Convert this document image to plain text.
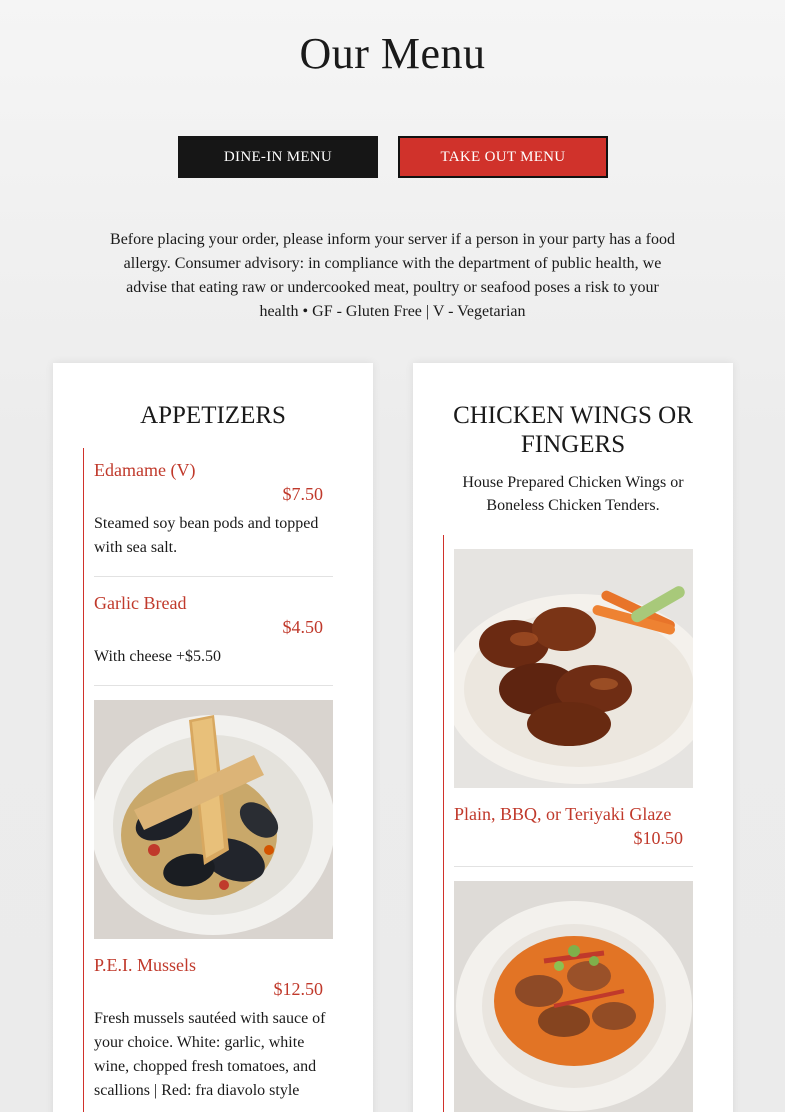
Our Menu
DINE-IN MENU	TAKE OUT MENU

Before placing your order, please inform your server if a person in your party has a food allergy. Consumer advisory: in compliance with the department of public health, we advise that eating raw or undercooked meat, poultry or seafood poses a risk to your health • GF - Gluten Free | V - Vegetarian

APPETIZERS
Edamame (V)
$7.50
Steamed soy bean pods and topped with sea salt.
Garlic Bread
$4.50
With cheese +$5.50
P.E.I. Mussels
$12.50
Fresh mussels sautéed with sauce of your choice. White: garlic, white wine, chopped fresh tomatoes, and scallions | Red: fra diavolo style
CHICKEN WINGS OR FINGERS

House Prepared Chicken Wings or Boneless Chicken Tenders.

Plain, BBQ, or Teriyaki Glaze
$10.50
